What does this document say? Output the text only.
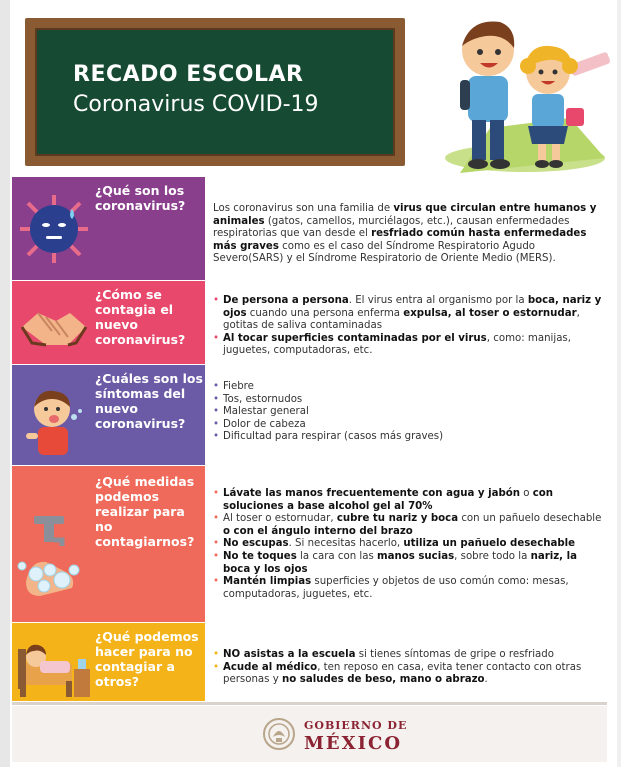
RECADO ESCOLAR
Coronavirus COVID-19
¿Qué son los coronavirus?	Los coronavirus son una familia de virus que circulan entre humanos y animales (gatos, camellos, murciélagos, etc.), causan enfermedades respiratorias que van desde el resfriado común hasta enfermedades más graves como es el caso del Síndrome Respiratorio Agudo Severo(SARS) y el Síndrome Respiratorio de Oriente Medio (MERS).

¿Cómo se contagia el nuevo coronavirus?
• De persona a persona. El virus entra al organismo por la boca, nariz y ojos cuando una persona enferma expulsa, al toser o estornudar, gotitas de saliva contaminadas
• Al tocar superficies contaminadas por el virus, como: manijas, juguetes, computadoras, etc.
¿Cuáles son los síntomas del nuevo coronavirus?
• Fiebre
• Tos, estornudos
• Malestar general
• Dolor de cabeza
• Dificultad para respirar (casos más graves)
¿Qué medidas podemos realizar para no contagiarnos?
• Lávate las manos frecuentemente con agua y jabón o con soluciones a base alcohol gel al 70%
• Al toser o estornudar, cubre tu nariz y boca con un pañuelo desechable o con el ángulo interno del brazo
• No escupas. Si necesitas hacerlo, utiliza un pañuelo desechable
• No te toques la cara con las manos sucias, sobre todo la nariz, la boca y los ojos
• Mantén limpias superficies y objetos de uso común como: mesas, computadoras, juguetes, etc.
¿Qué podemos hacer para no contagiar a otros?
• NO asistas a la escuela si tienes síntomas de gripe o resfriado
• Acude al médico, ten reposo en casa, evita tener contacto con otras personas y no saludes de beso, mano o abrazo.
GOBIERNO DE
MÉXICO
